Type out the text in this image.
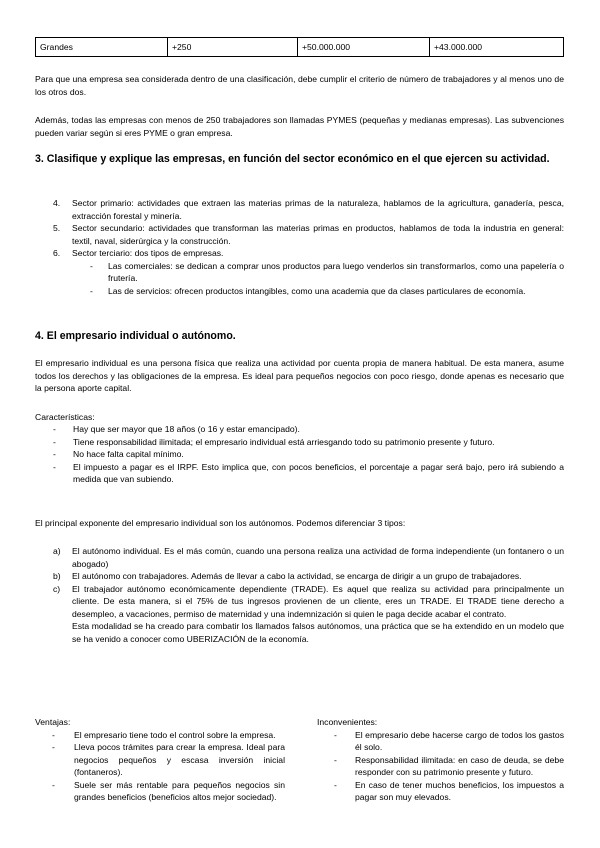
Grandes	+250	+50.000.000	+43.000.000
Para que una empresa sea considerada dentro de una clasificación, debe cumplir el criterio de número de trabajadores y al menos uno de los otros dos.
Además, todas las empresas con menos de 250 trabajadores son llamadas PYMES (pequeñas y medianas empresas). Las subvenciones pueden variar según si eres PYME o gran empresa.
3. Clasifique y explique las empresas, en función del sector económico en el que ejercen su actividad.
4. Sector primario: actividades que extraen las materias primas de la naturaleza, hablamos de la agricultura, ganadería, pesca, extracción forestal y minería.
5. Sector secundario: actividades que transforman las materias primas en productos, hablamos de toda la industria en general: textil, naval, siderúrgica y la construcción.
6. Sector terciario: dos tipos de empresas.
- Las comerciales: se dedican a comprar unos productos para luego venderlos sin transformarlos, como una papelería o frutería.
- Las de servicios: ofrecen productos intangibles, como una academia que da clases particulares de economía.
4. El empresario individual o autónomo.
El empresario individual es una persona física que realiza una actividad por cuenta propia de manera habitual. De esta manera, asume todos los derechos y las obligaciones de la empresa. Es ideal para pequeños negocios con poco riesgo, donde apenas es necesario que la persona aporte capital.
Características:
- Hay que ser mayor que 18 años (o 16 y estar emancipado).
- Tiene responsabilidad ilimitada; el empresario individual está arriesgando todo su patrimonio presente y futuro.
- No hace falta capital mínimo.
- El impuesto a pagar es el IRPF. Esto implica que, con pocos beneficios, el porcentaje a pagar será bajo, pero irá subiendo a medida que van subiendo.
El principal exponente del empresario individual son los autónomos. Podemos diferenciar 3 tipos:
a) El autónomo individual. Es el más común, cuando una persona realiza una actividad de forma independiente (un fontanero o un abogado)
b) El autónomo con trabajadores. Además de llevar a cabo la actividad, se encarga de dirigir a un grupo de trabajadores.
c) El trabajador autónomo económicamente dependiente (TRADE). Es aquel que realiza su actividad para principalmente un cliente. De esta manera, si el 75% de tus ingresos provienen de un cliente, eres un TRADE. El TRADE tiene derecho a desempleo, a vacaciones, permiso de maternidad y una indemnización si quien le paga decide acabar el contrato.
Esta modalidad se ha creado para combatir los llamados falsos autónomos, una práctica que se ha extendido en un modelo que se ha venido a conocer como UBERIZACIÓN de la economía.
Ventajas:
- El empresario tiene todo el control sobre la empresa.
- Lleva pocos trámites para crear la empresa. Ideal para negocios pequeños y escasa inversión inicial (fontaneros).
- Suele ser más rentable para pequeños negocios sin grandes beneficios (beneficios altos mejor sociedad).
Inconvenientes:
- El empresario debe hacerse cargo de todos los gastos él solo.
- Responsabilidad ilimitada: en caso de deuda, se debe responder con su patrimonio presente y futuro.
- En caso de tener muchos beneficios, los impuestos a pagar son muy elevados.
